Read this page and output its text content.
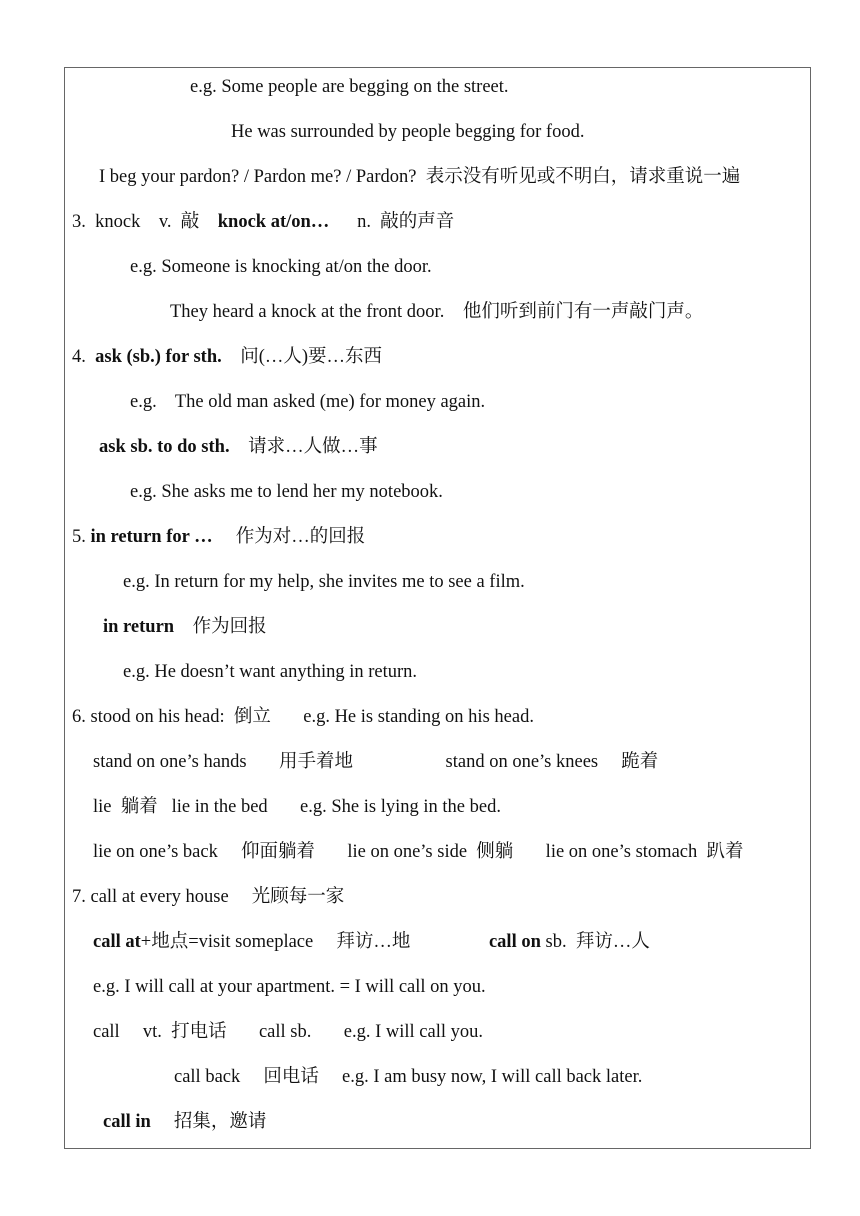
e.g. Some people are begging on the street.
He was surrounded by people begging for food.
I beg your pardon? / Pardon me? / Pardon?  表示没有听见或不明白，请求重说一遍
3.  knock    v.  敲    knock at/on…      n.  敲的声音
e.g. Someone is knocking at/on the door.
They heard a knock at the front door.    他们听到前门有一声敲门声。
4.  ask (sb.) for sth.    问(…人)要…东西
e.g.    The old man asked (me) for money again.
ask sb. to do sth.    请求…人做…事
e.g. She asks me to lend her my notebook.
5. in return for …     作为对…的回报
e.g. In return for my help, she invites me to see a film.
in return    作为回报
e.g. He doesn’t want anything in return.
6. stood on his head:  倒立       e.g. He is standing on his head.
stand on one’s hands       用手着地                    stand on one’s knees     跪着
lie  躺着   lie in the bed       e.g. She is lying in the bed.
lie on one’s back     仰面躺着       lie on one’s side  侧躺       lie on one’s stomach  趴着
7. call at every house     光顾每一家
call at+地点=visit someplace     拜访…地                 call on sb.  拜访…人
e.g. I will call at your apartment. = I will call on you.
call     vt.  打电话       call sb.       e.g. I will call you.
call back     回电话     e.g. I am busy now, I will call back later.
call in     招集，邀请
